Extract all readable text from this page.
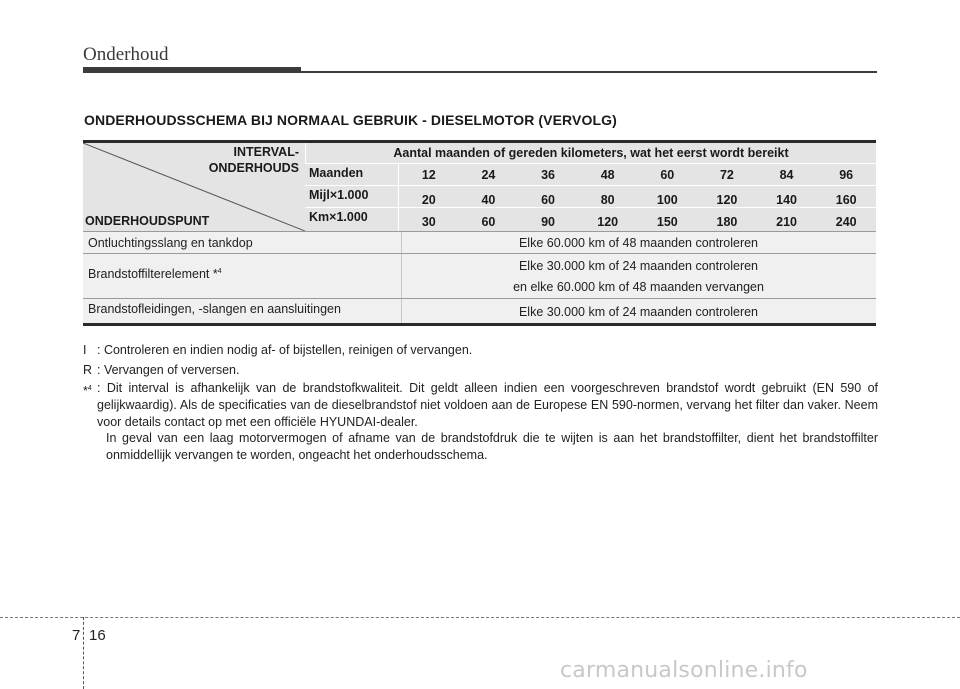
Onderhoud
ONDERHOUDSSCHEMA BIJ NORMAAL GEBRUIK - DIESELMOTOR (VERVOLG)
INTERVAL-
ONDERHOUDS
ONDERHOUDSPUNT
Aantal maanden of gereden kilometers, wat het eerst wordt bereikt
Maanden	12	24	36	48	60	72	84	96
Mijl×1.000	20	40	60	80	100	120	140	160
Km×1.000	30	60	90	120	150	180	210	240
Ontluchtingsslang en tankdop	Elke 60.000 km of 48 maanden controleren
Brandstoffilterelement *$^4$	Elke 30.000 km of 24 maanden controleren
en elke 60.000 km of 48 maanden vervangen
Brandstofleidingen, -slangen en aansluitingen	Elke 30.000 km of 24 maanden controleren
I : Controleren en indien nodig af- of bijstellen, reinigen of vervangen.
R : Vervangen of verversen.
*$^4$ : Dit interval is afhankelijk van de brandstofkwaliteit. Dit geldt alleen indien een voorgeschreven brandstof wordt gebruikt (EN 590 of gelijkwaardig). Als de specificaties van de dieselbrandstof niet voldoen aan de Europese EN 590-normen, vervang het filter dan vaker. Neem voor details contact op met een officiële HYUNDAI-dealer.
In geval van een laag motorvermogen of afname van de brandstofdruk die te wijten is aan het brandstoffilter, dient het brandstoffilter onmiddellijk vervangen te worden, ongeacht het onderhoudsschema.
7 16
carmanualsonline.info
